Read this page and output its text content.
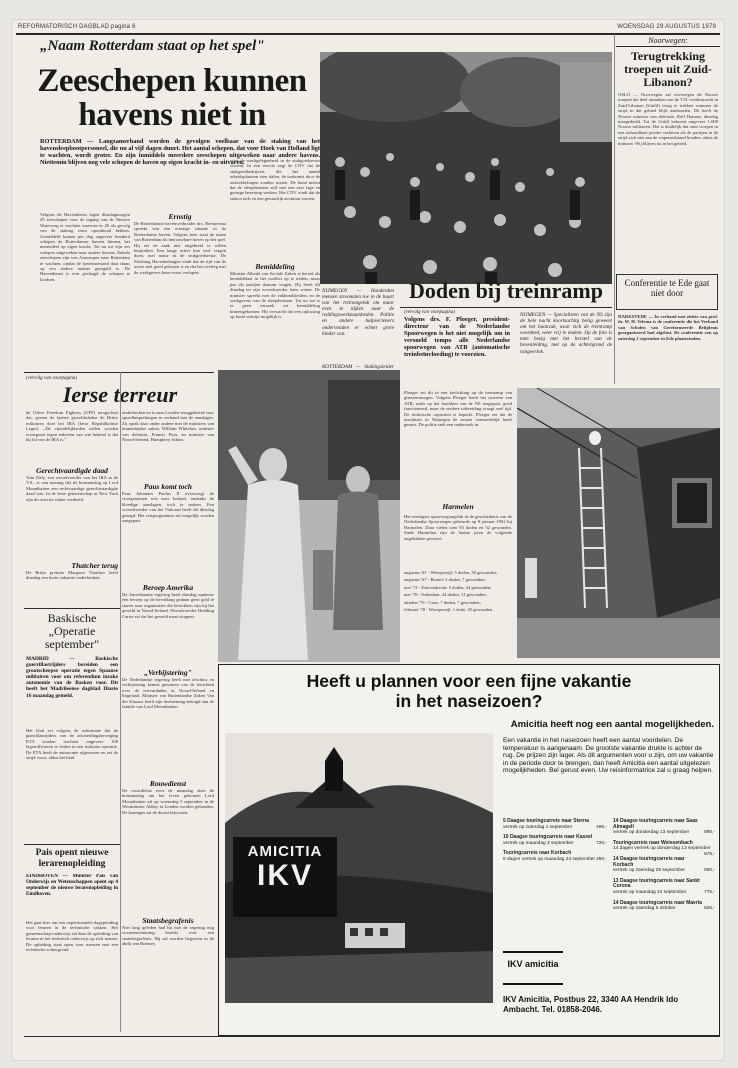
REFORMATORISCH DAGBLAD pagina 6	WOENSDAG 29 AUGUSTUS 1979
„Naam Rotterdam staat op het spel"
Zeeschepen kunnen
havens niet in
ROTTERDAM — Langzamerhand worden de gevolgen voelbaar van de staking van het havensleepbootpersoneel, die nu al vijf dagen duurt. Het aantal schepen, dat voor Hoek van Holland ligt te wachten, wordt groter. En zijn inmiddels meerdere zeeschepen uitgeweken naar andere havens. Niettemin blijven nog vele schepen de haven op eigen kracht in- en uitvaren.
Volgens de Havendienst lagen dinsdagmorgen 29 zeeschepen voor de ingang van de Nieuwe Waterweg te wachten waarvan er 26 als gevolg van de staking extra oponthoud hebben. Gemiddeld komen per dag ongeveer honderd schepen de Rotterdamse havens binnen, het merendeel op eigen kracht. Tot nu toe zijn zes schepen uitgeweken naar andere havens. Enkele zeeschepen zijn van Antwerpen naar Rotterdam te wachten, omdat de haventoestand daar thans op een andere manier geregeld is. De Havendienst is erin geslaagd de schepen te loodsen.
Ernstig
De Rotterdamse havenwethouder drs. Riemersma spreekt van een ernstige situatie in de Rotterdamse haven. Volgens hem staat de naam van Rotterdam als betrouwbare haven op het spel. Hij zei de zaak niet uitgebreid te willen bespreken. Een lange acties kan veel vragen doen, met name in de stukgoedsector. De Stichting Havenbelangen vindt dat de tijd van de acties niet goed gekozen is en dat het overleg met de werkgevers beter moet verlopen.
voor de werkgelegenheid in de stukgoedsector vooruit. In een reactie zegt de CNV dat de stukgoedbedrijven, die het aantal arbeidsplaatsen zien dalen, de toekomst door de ontwikkelingen somber inzien. De bond meent dat de sleepdiensten zelf met een zeer lage en geringe bezetting werken. Het CNV vindt dat de staken zich en een gevaarlijk avontuur storten.
Bemiddeling
Minister Albeda van Sociale Zaken is bereid als bemiddelaar in het conflict op te treden, maar pas als partijen daarom vragen. Hij heeft dit dinsdag ter zijn woordvoerder laten weten. De minister spreekt met de vakbondsleiders en de werkgevers van de sleepdiensten. Tot nu toe is er geen verzoek tot bemiddeling binnengekomen. Hij verwacht dat een oplossing op korte termijn mogelijk is.
NIJMEGEN — Honderden mensen stroomden toe in de buurt van het treinongeluk om maar even te kijken naar de reddingswerkzaamheden. Politie en andere hulpverleners ondervonden er echter grote hinder van.
ROTTERDAM — Stakingsleider
Doden bij treinramp
(vervolg van voorpagina)
Volgens drs. F. Ploeger, president-directeur van de Nederlandse Spoorwegen is het niet mogelijk om in versneld tempo alle Nederlandse spoorwegen van ATB (automatische treinbeïnvloeding) te voorzien.
NIJMEGEN — Specialisten van de NS zijn de hele nacht koortsachtig bezig geweest om het baanvak, waar zich de treinramp voordeed, weer vrij te maken. Op de foto is men bezig met het herstel van de bovenleiding, met op de achtergrond de rangeerlok.
Noorwegen:
Terugtrekking troepen uit Zuid-Libanon?
OSLO — Noorwegen zal overwegen de Noorse troepen die deel uitmaken van de V.N.-vredesmacht in Zuid-Libanon (Unifil) terug te trekken wanneer de strijd in dat gebied blijft aanhouden. Dit heeft de Noorse minister van defensie, Rolf Hansen, dinsdag meegedeeld. Tot de Unifil behoren ongeveer 1.000 Noorse militairen. Het is duidelijk dat onze troepen in een onhoudbare positie verkeren als de partijen in de strijd zich niet aan de wapenstilstand houden, aldus de minister. Wij blijven nu in het gebied.
Conferentie te Ede gaat niet door
HARKSTEDE — In verband met ziekte van prof. dr. W. H. Velema is de conferentie die het Verbond van Scholen van Gereformeerde Belijdenis georganiseerd had afgelast. De conferentie zou op zaterdag 1 september in Ede plaatsvinden.
Ploeger zei dit in een toelichting op de treinramp van gisterenmorgen. Volgens Ploeger heeft het systeem van ATB, zoals op het hoofdnet van de NS toegepast, goed functioneerd, maar de verdere uitbreiding vraagt veel tijd. De technische capaciteit is beperkt. Ploeger zei dat de machinist in Nijmegen de seinen vermoedelijk heeft gemist. De politie stelt een onderzoek in.
Harmelen
Het ernstigste spoorwegongeluk in de geschiedenis van de Nederlandse Spoorwegen gebeurde op 8 januari 1962 bij Harmelen. Daar vielen toen 93 doden en 52 gewonden. Sinds Harmelen zijn de laatste jaren de volgende ongelukken geweest:
augustus '61 - Weesperzijl: 5 doden, 30 gewonden;
augustus '67 - Boxtel: 2 doden, 7 gewonden;
mei '73 - Duivendrecht: 5 doden, 34 gewonden;
mei '76 - Schiedam: 24 doden, 11 gewonden;
oktober '76 - Goes: 7 doden, 7 gewonden;
februari '78 - Weesperzijl: 1 dode, 25 gewonden.
(vervolg van voorpagina)
Ierse terreur
de Ulster Freedom Fighters (UFF) terugschiet dat, gezien de laatste geweldsdaden de Britse militairen doet het IRA (Ierse Republikeinse Leger). „De vijandelijkheden zullen worden voortgezet tegen iedereen van wie bekend is dat hij lid van de IRA is."
Gerechtvaardigde daad
Tom Daly, een woordvoerder van het IRA in de V.S., is van mening dat de bomaanslag op Lord Mountbatten een rechtvaardige gerechtvaardigde daad was. In de Ierse gemeenschap in New York zijn de reacties echter verdeeld.
Thatcher terug
De Britse premier Margaret Thatcher heeft dinsdag een korte vakantie onderbroken.
onderbroken en is naar Londen teruggekeerd voor spoedbesprekingen in verband met de aanslagen. Zij sprak daar onder andere met de ministers van binnenlandse zaken, William Whitelaw, minister van defensie, Francis Pym, en minister van Noord-Ierland, Humphrey Atkins.
Paus komt toch
Paus Johannes Paulus II overweegt de voorgenomen reis naar Ierland, ondanks de bloedige aanslagen, toch te maken. Een woordvoerder van het Vaticaan heeft dit dinsdag gezegd. Het reisprogramma zal mogelijk worden aangepast.
Beroep Amerika
De Amerikaanse regering heeft dinsdag opnieuw een beroep op de bevolking gedaan geen geld te sturen naar organisaties die betrokken zijn bij het geweld in Noord-Ierland. Woordvoerder Hodding Carter zei dat het geweld moet stoppen.
Baskische „Operatie september"
MADRID — Baskische guerrillastrijders bereiden een grootscheepse operatie tegen Spaanse militairen voor om referendum inzake autonomie van de Basken voor. Dit heeft het Madrileense dagblad Diario 16 maandag gemeld.
Het blad zei volgens de informatie dat de guerrillastrijders van de afscheidingsbeweging ETA zouden trachten ongeveer 100 legerofficieren te doden in een militaire operatie. De ETA heeft de autonomie afgewezen en zet de strijd voort, aldus het blad.
Pais opent nieuwe lerarenopleiding
EINDHOVEN — Minister Pais van Onderwijs en Wetenschappen opent op 4 september de nieuwe lerarenopleiding in Eindhoven.
Het gaat hier om een experimentele dagopleiding voor leraren in de technische vakken. Het gemeenschap-onderwijs zal daar de opleiding van leraren in het technisch onderwijs op zich nemen. De opleiding staat open voor mensen met een technische achtergrond.
„Verbijstering"
De Nederlandse regering heeft met afschuw en verbijstering kennis genomen van de berichten over de terreurdaden in Noord-Ierland en Engeland. Minister van Buitenlandse Zaken Van der Klaauw heeft zijn deelneming betuigd aan de familie van Lord Mountbatten.
Rouwdienst
De rouwdienst voor de maandag door de bomaanslag om het leven gekomen Lord Mountbatten zal op woensdag 5 september in de Westminster Abbey in Londen worden gehouden. De koningin zal de dienst bijwonen.
Staatsbegrafenis
Niet lang geleden had hij met de regering nog overeenstemming bereikt over een staatsbegrafenis. Hij zal worden begraven in de abdij van Romsey.
Heeft u plannen voor een fijne vakantie
in het naseizoen?
Amicitia heeft nog een aantal mogelijkheden.
AMICITIA
IKV
Een vakantie in het naseizoen heeft een aantal voordelen. De temperatuur is aangenaam. De grootste vakantie drukte is achter de rug. De prijzen zijn lager. Als dit argumenten voor u zijn, om uw vakantie in de periode door te brengen, dan heeft Amicitia een aantal uitgelezen mogelijkheden. Bel gerust even. Uw reisinformatrice zal u graag helpen.
5 Daagse touringcarreis naar Sterna
vertrek op zaterdag 1 september	495,-
10 Daagse touringcarreis naar Kassel
vertrek op maandag 3 september	720,-
Touringcarreis naar Korbach
8 dagen vertrek op maandag 24 september 450,-
14 Daagse touringcarreis naar Saas Almagell
vertrek op donderdag 13 september	890,-
Touringcarreis naar Weissenbach
14 dagen vertrek op donderdag 13 september
675,-
14 Daagse touringcarreis naar Korbach
vertrek op zaterdag 29 september	590,-
13 Daagse touringcarreis naar Sankt Corona
vertrek op maandag 24 september	775,-
14 Daagse touringcarreis naar Maeria
vertrek op zaterdag 6 oktober	625,-
IKV amicitia
IKV Amicitia, Postbus 22, 3340 AA Hendrik Ido Ambacht. Tel. 01858-2046.
